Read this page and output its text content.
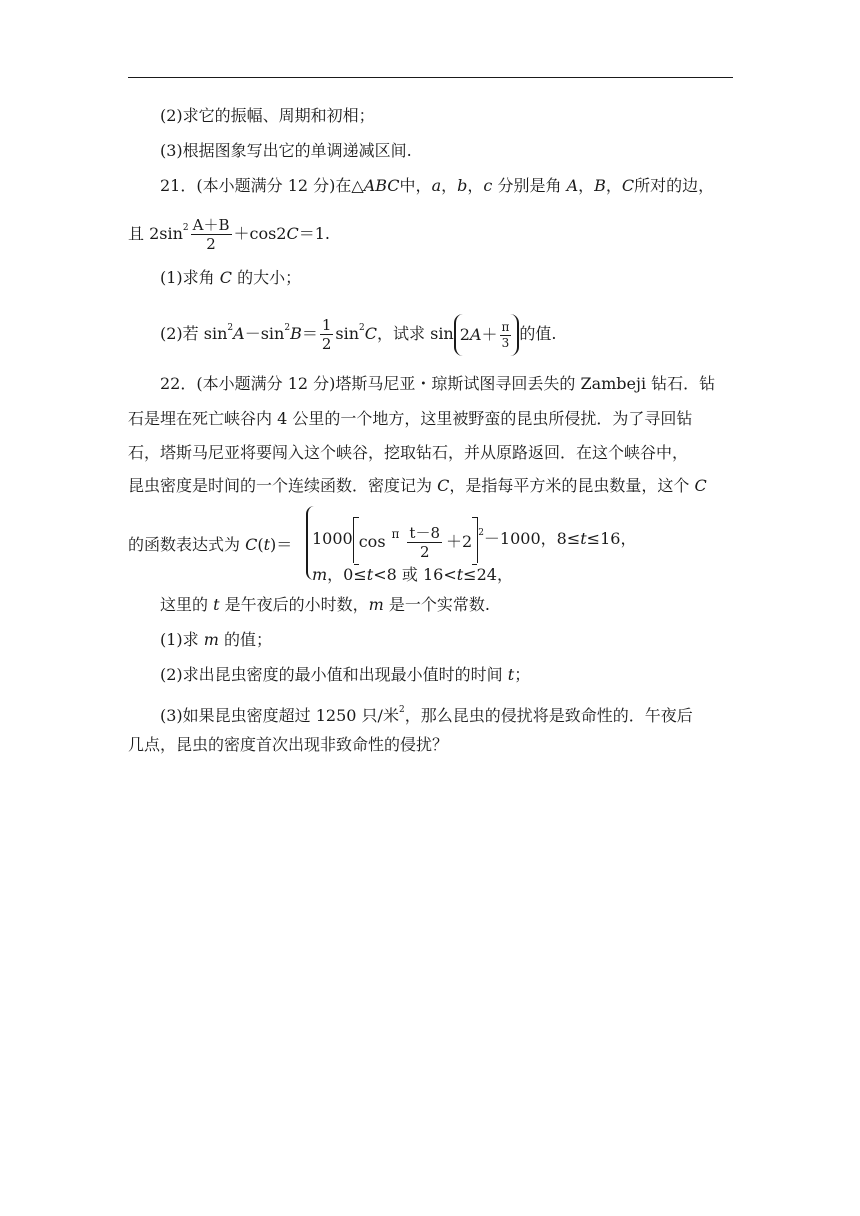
(2)求它的振幅、周期和初相；
(3)根据图象写出它的单调递减区间.
21．(本小题满分 12 分)在△ABC中，a，b，c 分别是角 A，B，C所对的边，
且 $2\sin^2 \frac{A+B}{2} +\cos 2C=1$.
(1)求角 C 的大小；
(2)若 $\sin^2A-\sin^2B= \frac{1}{2} \sin^2C$，试求 $\sin 2A+ \frac{\pi}{3}$ 的值.
22．(本小题满分 12 分)塔斯马尼亚・琼斯试图寻回丢失的 Zambeji 钻石．钻
石是埋在死亡峡谷内 4 公里的一个地方，这里被野蛮的昆虫所侵扰．为了寻回钻
石，塔斯马尼亚将要闯入这个峡谷，挖取钻石，并从原路返回．在这个峡谷中，
昆虫密度是时间的一个连续函数．密度记为 C，是指每平方米的昆虫数量，这个 C
的函数表达式为 C(t)＝ 1000 cos π
$\frac{t-8}{2} +2$ $^2$－1000，8≤t≤16，
m，0≤t<8 或 16<t≤24，
这里的 t 是午夜后的小时数，m 是一个实常数.
(1)求 m 的值；
(2)求出昆虫密度的最小值和出现最小值时的时间 t；
(3)如果昆虫密度超过 1250 只/米$^2$，那么昆虫的侵扰将是致命性的．午夜后
几点，昆虫的密度首次出现非致命性的侵扰？
